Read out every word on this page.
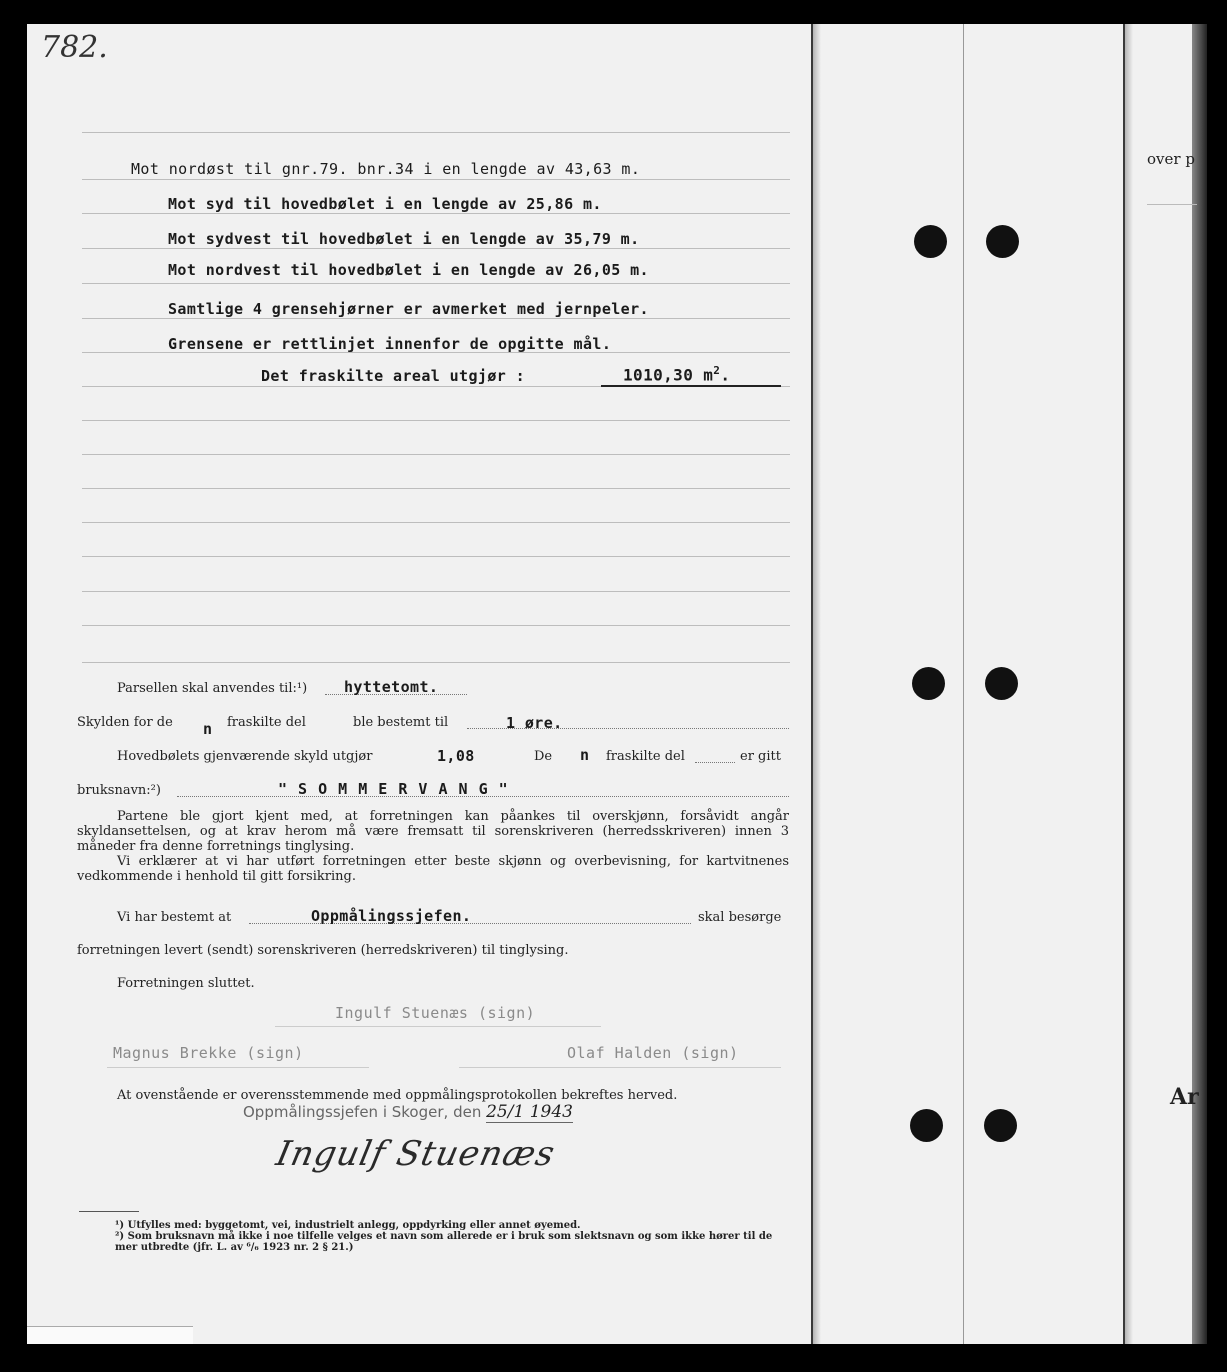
782.
over p
Ar
Mot nordøst til gnr.79. bnr.34 i en lengde av 43,63 m.
Mot syd til hovedbølet i en lengde av 25,86 m.
Mot sydvest til hovedbølet i en lengde av 35,79 m.
Mot nordvest til hovedbølet i en lengde av 26,05 m.
Samtlige 4 grensehjørner er avmerket med jernpeler.
Grensene er rettlinjet innenfor de opgitte mål.
Det fraskilte areal utgjør :	1010,30 $m^2$.
Parsellen skal anvendes til:¹) hyttetomt.
Skylden for de n fraskilte del	ble bestemt til	1 øre.
Hovedbølets gjenværende skyld utgjør	1,08	De n fraskilte del	er gitt
bruksnavn:²)	" S O M M E R V A N G "

Partene ble gjort kjent med, at forretningen kan påankes til overskjønn, forsåvidt angår skyldansettelsen, og at krav herom må være fremsatt til sorenskriveren (herredsskriveren) innen 3 måneder fra denne forretnings tinglysing.

Vi erklærer at vi har utført forretningen etter beste skjønn og overbevisning, for kartvitnenes vedkommende i henhold til gitt forsikring.

Vi har bestemt at	Oppmålingssjefen.	skal besørge
forretningen levert (sendt) sorenskriveren (herredskriveren) til tinglysing.
Forretningen sluttet.
Ingulf Stuenæs (sign)
Magnus Brekke (sign)	Olaf Halden (sign)
At ovenstående er overensstemmende med oppmålingsprotokollen bekreftes herved.
Oppmålingssjefen i Skoger, den 25/1 1943
Ingulf Stuenæs

¹) Utfylles med: byggetomt, vei, industrielt anlegg, oppdyrking eller annet øyemed.

²) Som bruksnavn må ikke i noe tilfelle velges et navn som allerede er i bruk som slektsnavn og som ikke hører til de mer utbredte (jfr. L. av ⁶/₆ 1923 nr. 2 § 21.)
